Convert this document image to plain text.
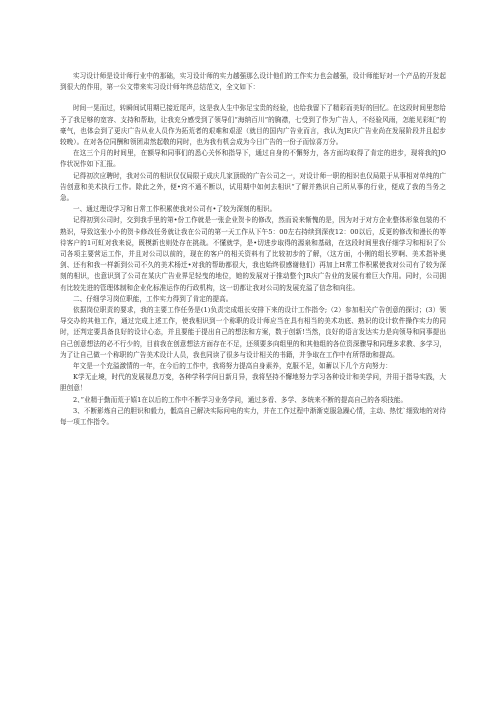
实习设计师是设计师行业中的那础，实习设计师的实力越强那么设计他们的工作实力也会越强，设计师能好对一个产品的开发起到很大的作用，第一公文带来实习设计师年终总结范文，全文如下：

时间一晃而过，转瞬间试用期已接近尾声，这是我人生中弥足宝贵的经验，也给我留下了精彩而美好的回忆。在这段时间里您给予了我足够的宽容、支持和帮助，让我充分感受到了领导们“海纳百川”的胸襟，七受到了作为广告人，不经验风雨，怎能见彩虹”的豪气，也体会到了更庆广告从业人员作为拓荒者的艰难和艰涩（就目的国内广告业而言，我认为JE庆广告业尚在发展阶段并且起步较晚）。在对各位同酬和领团肃然起敬的同时，也为我有机会成为今日广告的一份子而惊喜万分。

在这三个月的时间里，在额导和同事们的悉心关怀和指导下，通过自身的不懈努力，各方面均取得了肯定的进步，现将我的JO作状况作如下汇报。

记得初次应聘时，我对公司的相识仅仅局限于成庆几家顶级的广告公司之一，对设计师一职的相识也仅局限于从事相对单纯的广告创意和美术执行工作。除此之外，便•窍不通不断以，试用期中如何去相识“了解并熟识自己所从事的行业，便成了我的当务之急。

一、通过理设学习和日常工作积累使我对公司有•了较为深刻的相识。

记得初到公司时，交到我手里的第•份工作就是一张企业贺卡的修改，然而说来惭愧的是，因为对于对方企业整体形象包装的不熟识，导致这张小小的贺卡修改任务就让我在公司的第一天工作从下午5：00左右持续到深夜12：00以后，反更的修改和漫长的等待客户的1可虹对我来说，既模新也则处存在挑战。不懂就学，是•切进步取得的源泉和基础，在这段时间里我仔细学习和相识了公司各项主要营运工作，并且对公司以前的，现在的客户的相关资料有了比较初步的了解，（这方面，小俐的组长罗啊、美术指补奥剑、还有和我一样新到公司不久的美术杨迁•对我的帮助都很大，我也始终很感谢他们）再加上H常工作积累使我对公司有了较为深刻的相识，也意识到了公司在某庆广告业界足轻曳的地位，她的发展对于推动整个JR庆广告业的发展有着巨大作用。同时，公司拥有比较先进的管理体制和企业化标准运作的行政机构，这一切都让我对公司的发展充溢了信念和向往。

二、仔细学习岗位职能，工作实力得到了肯定的提高。

依据岗位职责的要求，我的主要工作任务是(1)负责完成组长安排下来的设计工作指令;（2）参加相关广告创意的探讨；(3）领导交办的其他工作，通过完成上述工作，使我相识到一个称职的设计师应当在具有相当的美术功底、熟识的设计软件操作实力的同时，还判定要具备良好的设计心态，并且要能于提出自己的想法和方案，数于创新!当然，良好的语言发达实力是向领导和同事提出自己创意想法的必不行少的，目前我在创意想法方面存在不足，还须要多向组里的和其他组的各位资深骤导和同理多求教、多学习，为了让自己做一个称职的广告美术设计人员，我也同读了很多与设计相关的书籍，并争取在工作中有所帮助和提高。

年文是一个充溢激情的一年，在今后的工作中，我将努力提高自身素养，克服不足，如蓄以下几个方向努力：

K学无止境，时代的发展视息万变，各种学科学问日新月异，我将坚持不懈地努力学习各种设计和美学问，并用于指导实践，大胆创意！

2、”业精于勤而荒于嬉1在以后的工作中不断学习业务学问，通过多看、多学、多统来不断的提高自己的各项技能。

3、不断影炼自己的胆识和毅力，骶高自己解决实际问电的实力，并在工作过程中渐渐克服急躁心情，主动、热忱`细致地的对待每一项工作指令。
